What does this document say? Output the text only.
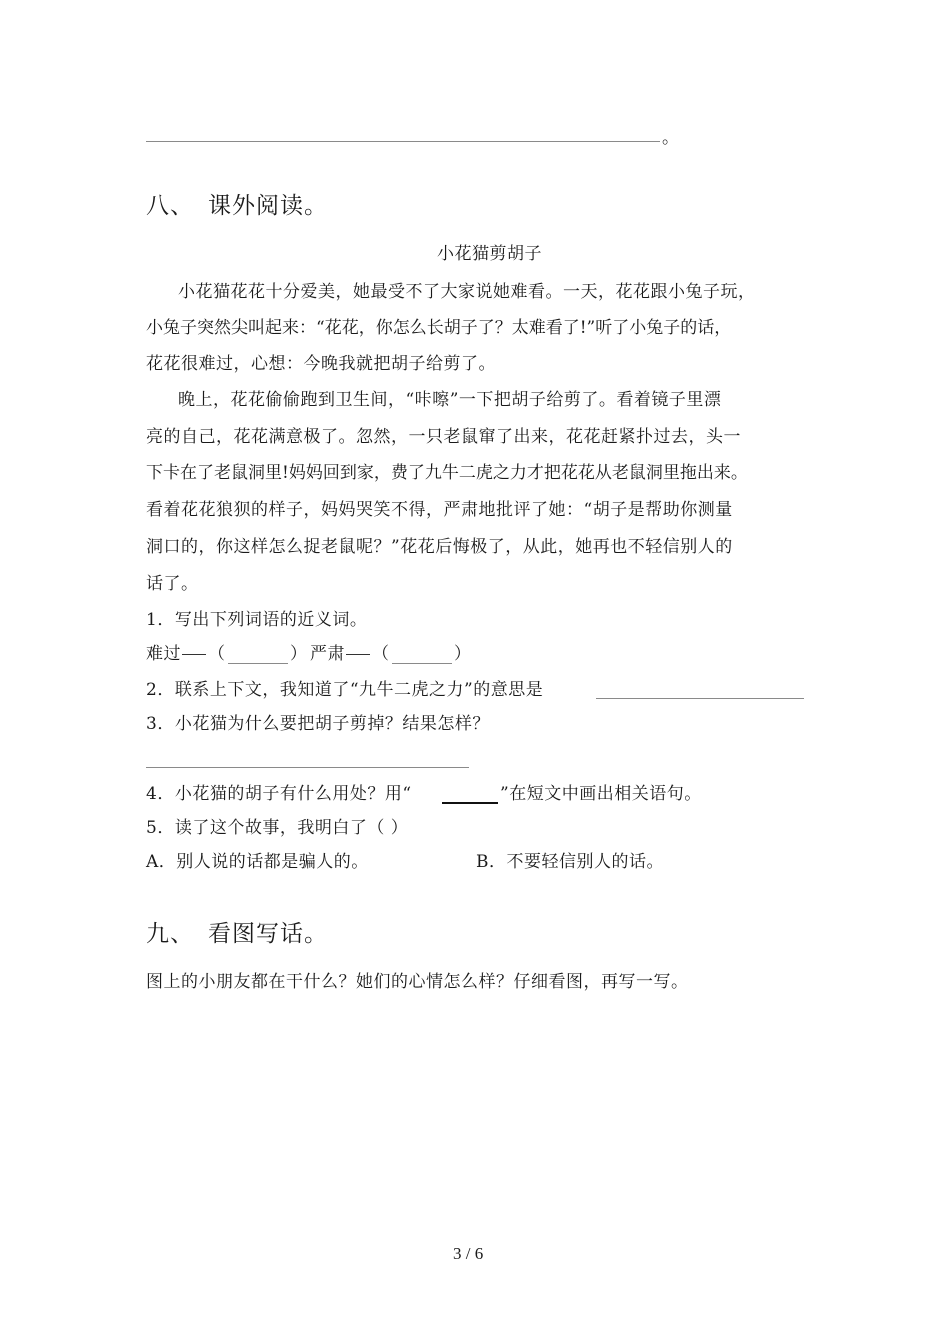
。
八、 课外阅读。
小花猫剪胡子
小花猫花花十分爱美，她最受不了大家说她难看。一天，花花跟小兔子玩，
小兔子突然尖叫起来：“花花，你怎么长胡子了？太难看了!”听了小兔子的话，
花花很难过，心想：今晚我就把胡子给剪了。
晚上，花花偷偷跑到卫生间，“咔嚓”一下把胡子给剪了。看着镜子里漂
亮的自己，花花满意极了。忽然，一只老鼠窜了出来，花花赶紧扑过去，头一
下卡在了老鼠洞里!妈妈回到家，费了九牛二虎之力才把花花从老鼠洞里拖出来。
看着花花狼狈的样子，妈妈哭笑不得，严肃地批评了她：“胡子是帮助你测量
洞口的，你这样怎么捉老鼠呢？”花花后悔极了，从此，她再也不轻信别人的
话了。
1．写出下列词语的近义词。
难过 （	） 严肃 （	）
2．联系上下文，我知道了“九牛二虎之力”的意思是
3．小花猫为什么要把胡子剪掉？结果怎样？
4．小花猫的胡子有什么用处？用“	”在短文中画出相关语句。
5．读了这个故事，我明白了（ ）
A．别人说的话都是骗人的。	B．不要轻信别人的话。
九、 看图写话。
图上的小朋友都在干什么？她们的心情怎么样？仔细看图，再写一写。
3 / 6
